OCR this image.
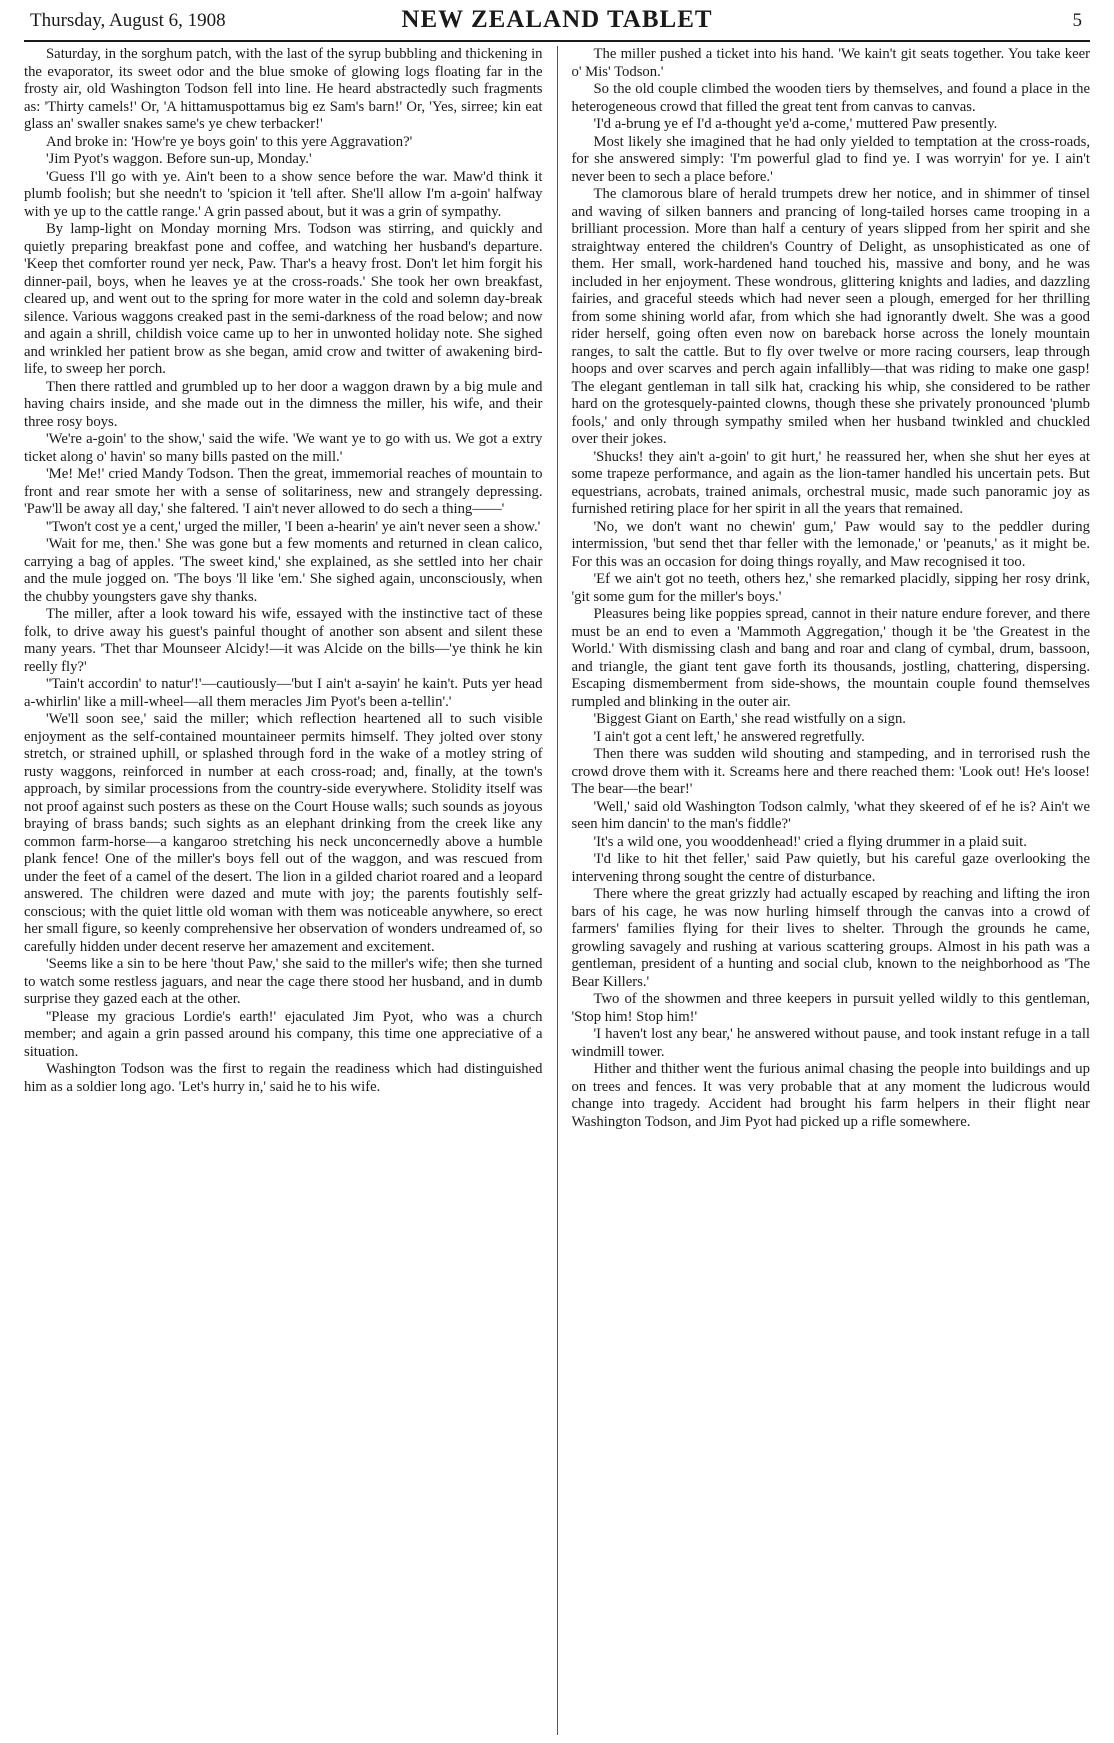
Thursday, August 6, 1908	NEW ZEALAND TABLET	5

Saturday, in the sorghum patch, with the last of the syrup bubbling and thickening in the evaporator, its sweet odor and the blue smoke of glowing logs floating far in the frosty air, old Washington Todson fell into line. He heard abstractedly such fragments as: 'Thirty camels!' Or, 'A hittamuspottamus big ez Sam's barn!' Or, 'Yes, sirree; kin eat glass an' swaller snakes same's ye chew terbacker!'

And broke in: 'How're ye boys goin' to this yere Aggravation?'

'Jim Pyot's waggon. Before sun-up, Monday.'

'Guess I'll go with ye. Ain't been to a show sence before the war. Maw'd think it plumb foolish; but she needn't to 'spicion it 'tell after. She'll allow I'm a-goin' halfway with ye up to the cattle range.' A grin passed about, but it was a grin of sympathy.

By lamp-light on Monday morning Mrs. Todson was stirring, and quickly and quietly preparing breakfast pone and coffee, and watching her husband's departure. 'Keep thet comforter round yer neck, Paw. Thar's a heavy frost. Don't let him forgit his dinner-pail, boys, when he leaves ye at the cross-roads.' She took her own breakfast, cleared up, and went out to the spring for more water in the cold and solemn day-break silence. Various waggons creaked past in the semi-darkness of the road below; and now and again a shrill, childish voice came up to her in unwonted holiday note. She sighed and wrinkled her patient brow as she began, amid crow and twitter of awakening bird-life, to sweep her porch.

Then there rattled and grumbled up to her door a waggon drawn by a big mule and having chairs inside, and she made out in the dimness the miller, his wife, and their three rosy boys.

'We're a-goin' to the show,' said the wife. 'We want ye to go with us. We got a extry ticket along o' havin' so many bills pasted on the mill.'

'Me! Me!' cried Mandy Todson. Then the great, immemorial reaches of mountain to front and rear smote her with a sense of solitariness, new and strangely depressing. 'Paw'll be away all day,' she faltered. 'I ain't never allowed to do sech a thing——'

''Twon't cost ye a cent,' urged the miller, 'I been a-hearin' ye ain't never seen a show.'

'Wait for me, then.' She was gone but a few moments and returned in clean calico, carrying a bag of apples. 'The sweet kind,' she explained, as she settled into her chair and the mule jogged on. 'The boys 'll like 'em.' She sighed again, unconsciously, when the chubby youngsters gave shy thanks.

The miller, after a look toward his wife, essayed with the instinctive tact of these folk, to drive away his guest's painful thought of another son absent and silent these many years. 'Thet thar Mounseer Alcidy!—it was Alcide on the bills—'ye think he kin reelly fly?'

''Tain't accordin' to natur'!'—cautiously—'but I ain't a-sayin' he kain't. Puts yer head a-whirlin' like a mill-wheel—all them meracles Jim Pyot's been a-tellin'.'

'We'll soon see,' said the miller; which reflection heartened all to such visible enjoyment as the self-contained mountaineer permits himself. They jolted over stony stretch, or strained uphill, or splashed through ford in the wake of a motley string of rusty waggons, reinforced in number at each cross-road; and, finally, at the town's approach, by similar processions from the country-side everywhere. Stolidity itself was not proof against such posters as these on the Court House walls; such sounds as joyous braying of brass bands; such sights as an elephant drinking from the creek like any common farm-horse—a kangaroo stretching his neck unconcernedly above a humble plank fence! One of the miller's boys fell out of the waggon, and was rescued from under the feet of a camel of the desert. The lion in a gilded chariot roared and a leopard answered. The children were dazed and mute with joy; the parents foutishly self-conscious; with the quiet little old woman with them was noticeable anywhere, so erect her small figure, so keenly comprehensive her observation of wonders undreamed of, so carefully hidden under decent reserve her amazement and excitement.

'Seems like a sin to be here 'thout Paw,' she said to the miller's wife; then she turned to watch some restless jaguars, and near the cage there stood her husband, and in dumb surprise they gazed each at the other.

''Please my gracious Lordie's earth!' ejaculated Jim Pyot, who was a church member; and again a grin passed around his company, this time one appreciative of a situation.

Washington Todson was the first to regain the readiness which had distinguished him as a soldier long ago. 'Let's hurry in,' said he to his wife.

The miller pushed a ticket into his hand. 'We kain't git seats together. You take keer o' Mis' Todson.'

So the old couple climbed the wooden tiers by themselves, and found a place in the heterogeneous crowd that filled the great tent from canvas to canvas.

'I'd a-brung ye ef I'd a-thought ye'd a-come,' muttered Paw presently.

Most likely she imagined that he had only yielded to temptation at the cross-roads, for she answered simply: 'I'm powerful glad to find ye. I was worryin' for ye. I ain't never been to sech a place before.'

The clamorous blare of herald trumpets drew her notice, and in shimmer of tinsel and waving of silken banners and prancing of long-tailed horses came trooping in a brilliant procession. More than half a century of years slipped from her spirit and she straightway entered the children's Country of Delight, as unsophisticated as one of them. Her small, work-hardened hand touched his, massive and bony, and he was included in her enjoyment. These wondrous, glittering knights and ladies, and dazzling fairies, and graceful steeds which had never seen a plough, emerged for her thrilling from some shining world afar, from which she had ignorantly dwelt. She was a good rider herself, going often even now on bareback horse across the lonely mountain ranges, to salt the cattle. But to fly over twelve or more racing coursers, leap through hoops and over scarves and perch again infallibly—that was riding to make one gasp! The elegant gentleman in tall silk hat, cracking his whip, she considered to be rather hard on the grotesquely-painted clowns, though these she privately pronounced 'plumb fools,' and only through sympathy smiled when her husband twinkled and chuckled over their jokes.

'Shucks! they ain't a-goin' to git hurt,' he reassured her, when she shut her eyes at some trapeze performance, and again as the lion-tamer handled his uncertain pets. But equestrians, acrobats, trained animals, orchestral music, made such panoramic joy as furnished retiring place for her spirit in all the years that remained.

'No, we don't want no chewin' gum,' Paw would say to the peddler during intermission, 'but send thet thar feller with the lemonade,' or 'peanuts,' as it might be. For this was an occasion for doing things royally, and Maw recognised it too.

'Ef we ain't got no teeth, others hez,' she remarked placidly, sipping her rosy drink, 'git some gum for the miller's boys.'

Pleasures being like poppies spread, cannot in their nature endure forever, and there must be an end to even a 'Mammoth Aggregation,' though it be 'the Greatest in the World.' With dismissing clash and bang and roar and clang of cymbal, drum, bassoon, and triangle, the giant tent gave forth its thousands, jostling, chattering, dispersing. Escaping dismemberment from side-shows, the mountain couple found themselves rumpled and blinking in the outer air.

'Biggest Giant on Earth,' she read wistfully on a sign.

'I ain't got a cent left,' he answered regretfully.

Then there was sudden wild shouting and stampeding, and in terrorised rush the crowd drove them with it. Screams here and there reached them: 'Look out! He's loose! The bear—the bear!'

'Well,' said old Washington Todson calmly, 'what they skeered of ef he is? Ain't we seen him dancin' to the man's fiddle?'

'It's a wild one, you wooddenhead!' cried a flying drummer in a plaid suit.

'I'd like to hit thet feller,' said Paw quietly, but his careful gaze overlooking the intervening throng sought the centre of disturbance.

There where the great grizzly had actually escaped by reaching and lifting the iron bars of his cage, he was now hurling himself through the canvas into a crowd of farmers' families flying for their lives to shelter. Through the grounds he came, growling savagely and rushing at various scattering groups. Almost in his path was a gentleman, president of a hunting and social club, known to the neighborhood as 'The Bear Killers.'

Two of the showmen and three keepers in pursuit yelled wildly to this gentleman, 'Stop him! Stop him!'

'I haven't lost any bear,' he answered without pause, and took instant refuge in a tall windmill tower.

Hither and thither went the furious animal chasing the people into buildings and up on trees and fences. It was very probable that at any moment the ludicrous would change into tragedy. Accident had brought his farm helpers in their flight near Washington Todson, and Jim Pyot had picked up a rifle somewhere.
